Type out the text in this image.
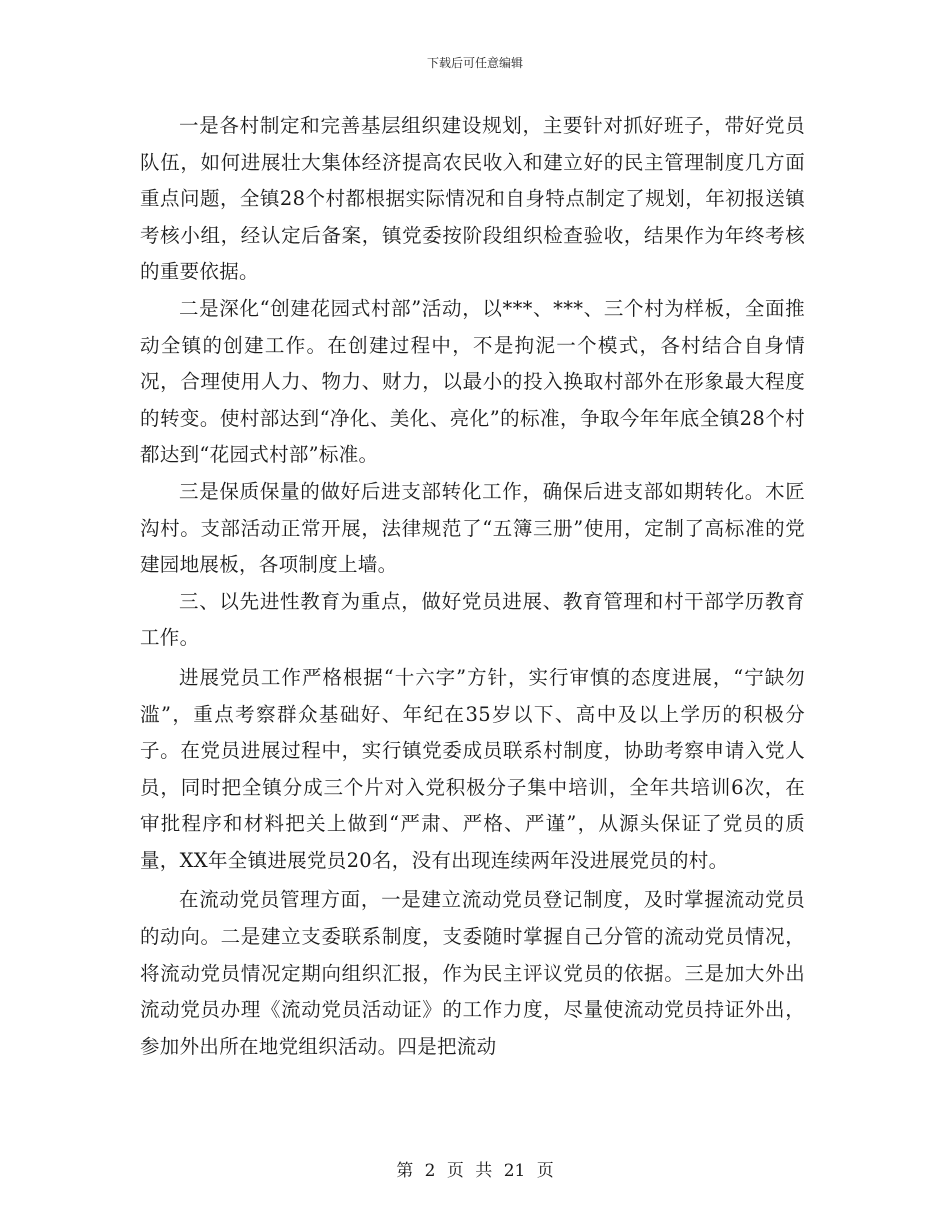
下载后可任意编辑

一是各村制定和完善基层组织建设规划，主要针对抓好班子，带好党员队伍，如何进展壮大集体经济提高农民收入和建立好的民主管理制度几方面重点问题，全镇28个村都根据实际情况和自身特点制定了规划，年初报送镇考核小组，经认定后备案，镇党委按阶段组织检查验收，结果作为年终考核的重要依据。

二是深化“创建花园式村部”活动，以***、***、三个村为样板，全面推动全镇的创建工作。在创建过程中，不是拘泥一个模式，各村结合自身情况，合理使用人力、物力、财力，以最小的投入换取村部外在形象最大程度的转变。使村部达到“净化、美化、亮化”的标准，争取今年年底全镇28个村都达到“花园式村部”标准。

三是保质保量的做好后进支部转化工作，确保后进支部如期转化。木匠沟村。支部活动正常开展，法律规范了“五簿三册”使用，定制了高标准的党建园地展板，各项制度上墙。

三、以先进性教育为重点，做好党员进展、教育管理和村干部学历教育工作。

进展党员工作严格根据“十六字”方针，实行审慎的态度进展，“宁缺勿滥”，重点考察群众基础好、年纪在35岁以下、高中及以上学历的积极分子。在党员进展过程中，实行镇党委成员联系村制度，协助考察申请入党人员，同时把全镇分成三个片对入党积极分子集中培训，全年共培训6次，在审批程序和材料把关上做到“严肃、严格、严谨”，从源头保证了党员的质量，XX年全镇进展党员20名，没有出现连续两年没进展党员的村。

在流动党员管理方面，一是建立流动党员登记制度，及时掌握流动党员的动向。二是建立支委联系制度，支委随时掌握自己分管的流动党员情况，将流动党员情况定期向组织汇报，作为民主评议党员的依据。三是加大外出流动党员办理《流动党员活动证》的工作力度，尽量使流动党员持证外出，参加外出所在地党组织活动。四是把流动

第 2 页 共 21 页
